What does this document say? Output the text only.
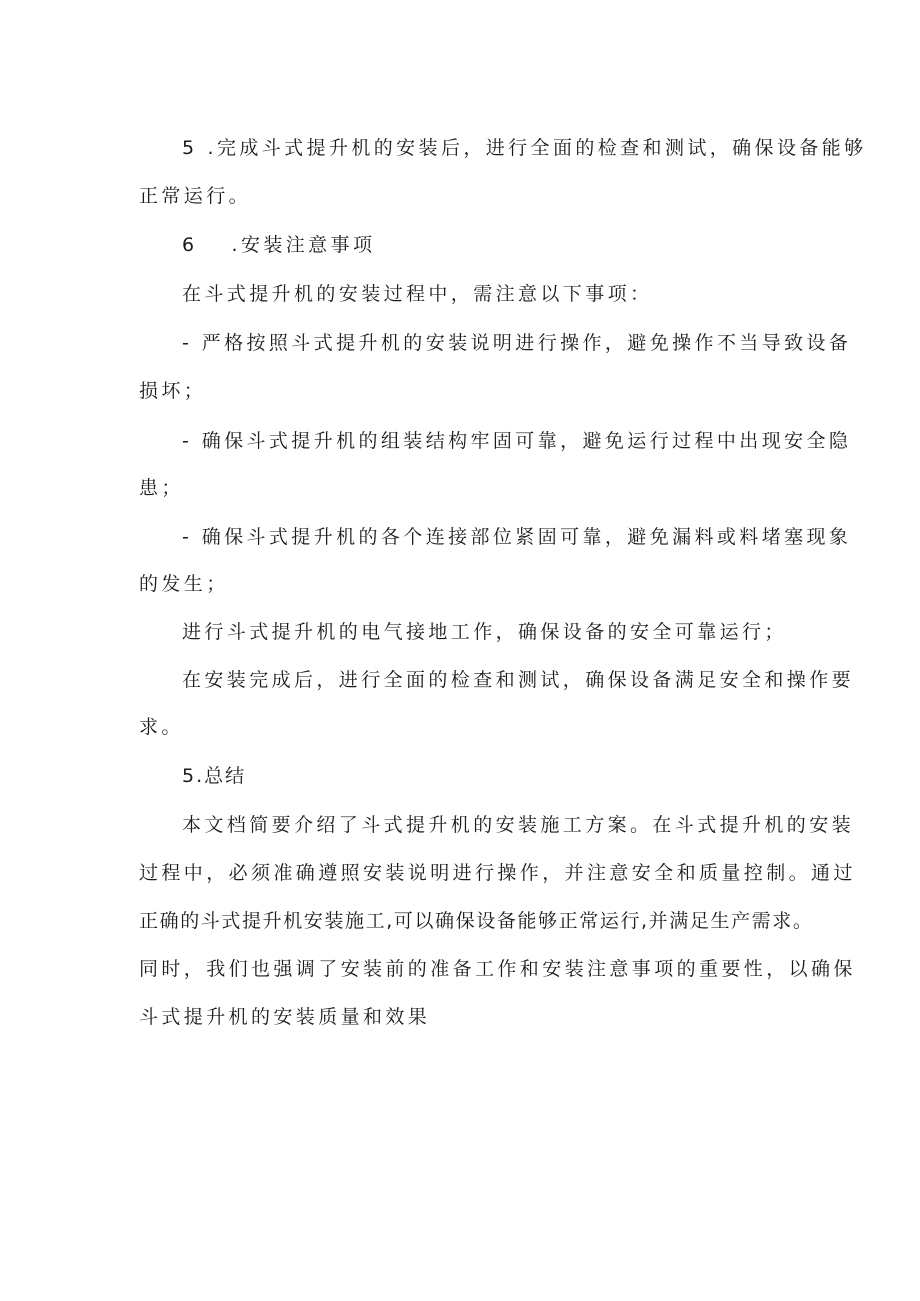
5 .完成斗式提升机的安装后，进行全面的检查和测试，确保设备能够
正常运行。
6 .安装注意事项
在斗式提升机的安装过程中，需注意以下事项：
- 严格按照斗式提升机的安装说明进行操作，避免操作不当导致设备
损坏；
- 确保斗式提升机的组装结构牢固可靠，避免运行过程中出现安全隐
患；
- 确保斗式提升机的各个连接部位紧固可靠，避免漏料或料堵塞现象
的发生；
进行斗式提升机的电气接地工作，确保设备的安全可靠运行；
在安装完成后，进行全面的检查和测试，确保设备满足安全和操作要
求。
5.总结
本文档简要介绍了斗式提升机的安装施工方案。在斗式提升机的安装
过程中，必须准确遵照安装说明进行操作，并注意安全和质量控制。通过
正确的斗式提升机安装施工,可以确保设备能够正常运行,并满足生产需求。
同时，我们也强调了安装前的准备工作和安装注意事项的重要性，以确保
斗式提升机的安装质量和效果
